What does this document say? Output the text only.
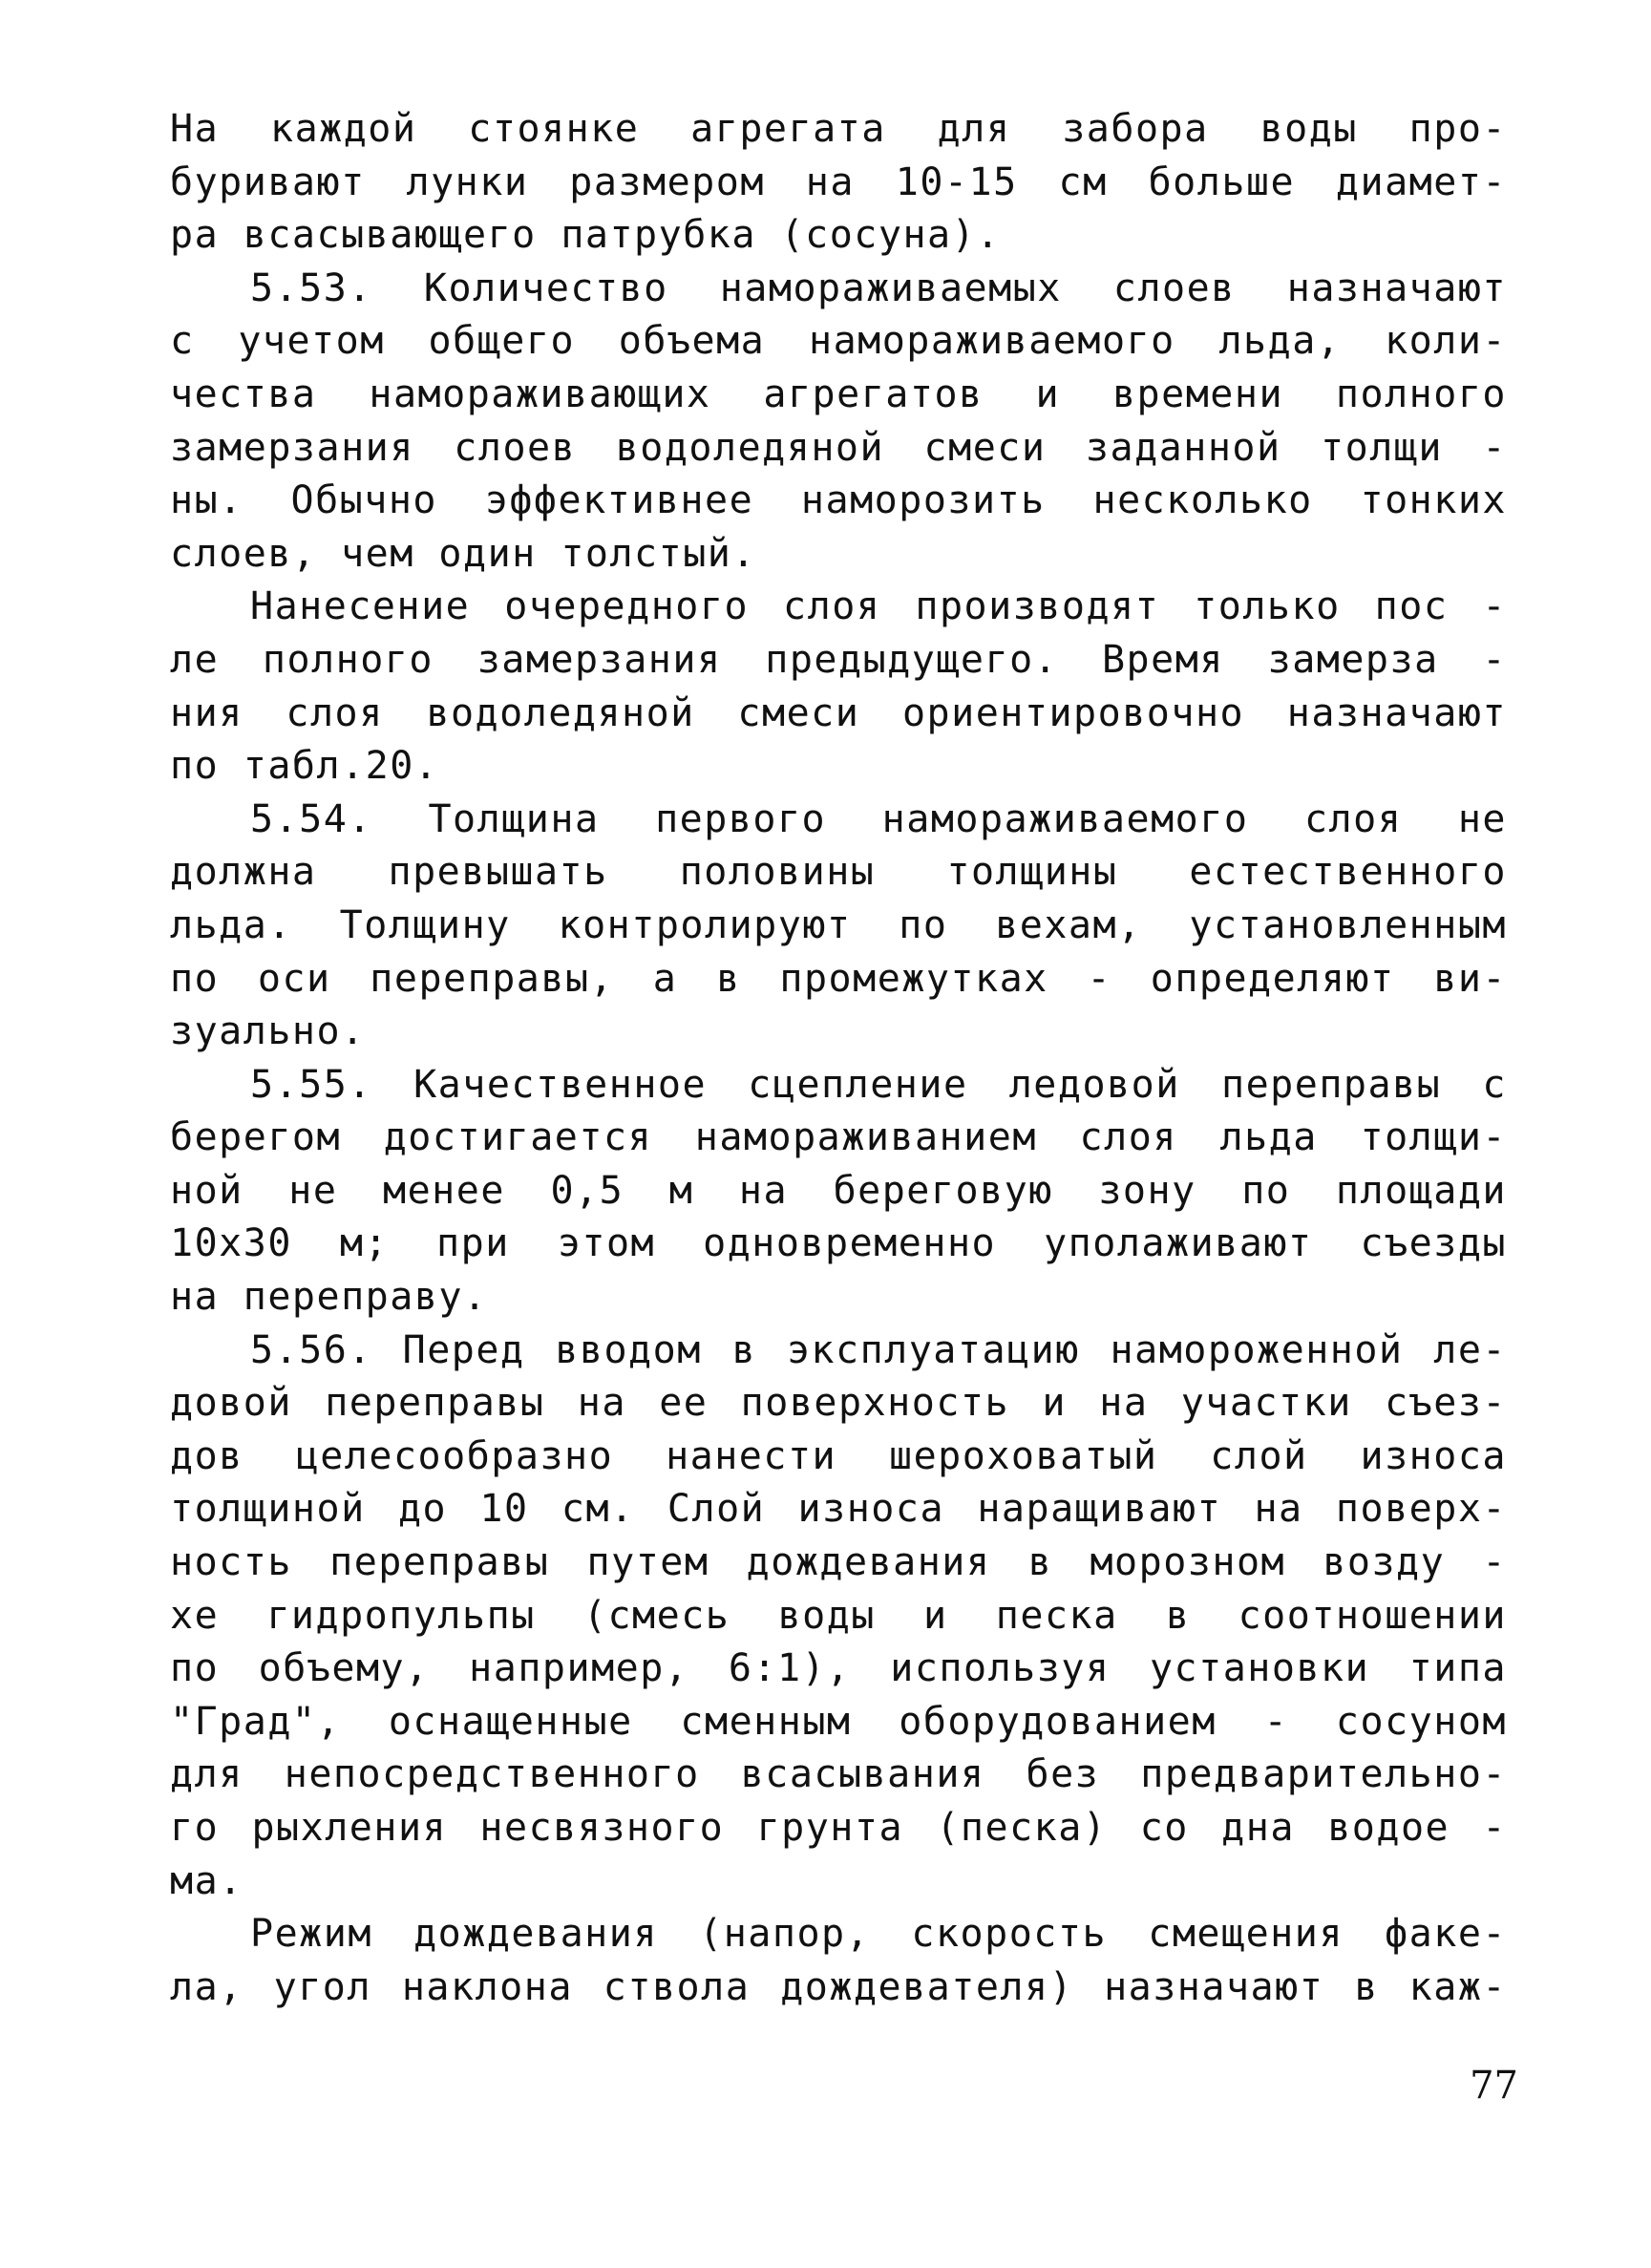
На каждой стоянке агрегата для забора воды про-
буривают лунки размером на 10-15 см больше диамет-
ра всасывающего патрубка (сосуна).
5.53. Количество намораживаемых слоев назначают
с учетом общего объема намораживаемого льда, коли-
чества намораживающих агрегатов и времени полного
замерзания слоев водоледяной смеси заданной толщи -
ны. Обычно эффективнее наморозить несколько тонких
слоев, чем один толстый.
Нанесение очередного слоя производят только пос -
ле полного замерзания предыдущего. Время замерза -
ния слоя водоледяной смеси ориентировочно назначают
по табл.20.
5.54. Толщина первого намораживаемого слоя не
должна превышать половины толщины естественного
льда. Толщину контролируют по вехам, установленным
по оси переправы, а в промежутках - определяют ви-
зуально.
5.55. Качественное сцепление ледовой переправы с
берегом достигается намораживанием слоя льда толщи-
ной не менее 0,5 м на береговую зону по площади
10х30 м; при этом одновременно уполаживают съезды
на переправу.
5.56. Перед вводом в эксплуатацию намороженной ле-
довой переправы на ее поверхность и на участки съез-
дов целесообразно нанести шероховатый слой износа
толщиной до 10 см. Слой износа наращивают на поверх-
ность переправы путем дождевания в морозном возду -
хе гидропульпы (смесь воды и песка в соотношении
по объему, например, 6:1), используя установки типа
"Град", оснащенные сменным оборудованием - сосуном
для непосредственного всасывания без предварительно-
го рыхления несвязного грунта (песка) со дна водое -
ма.
Режим дождевания (напор, скорость смещения факе-
ла, угол наклона ствола дождевателя) назначают в каж-
77
